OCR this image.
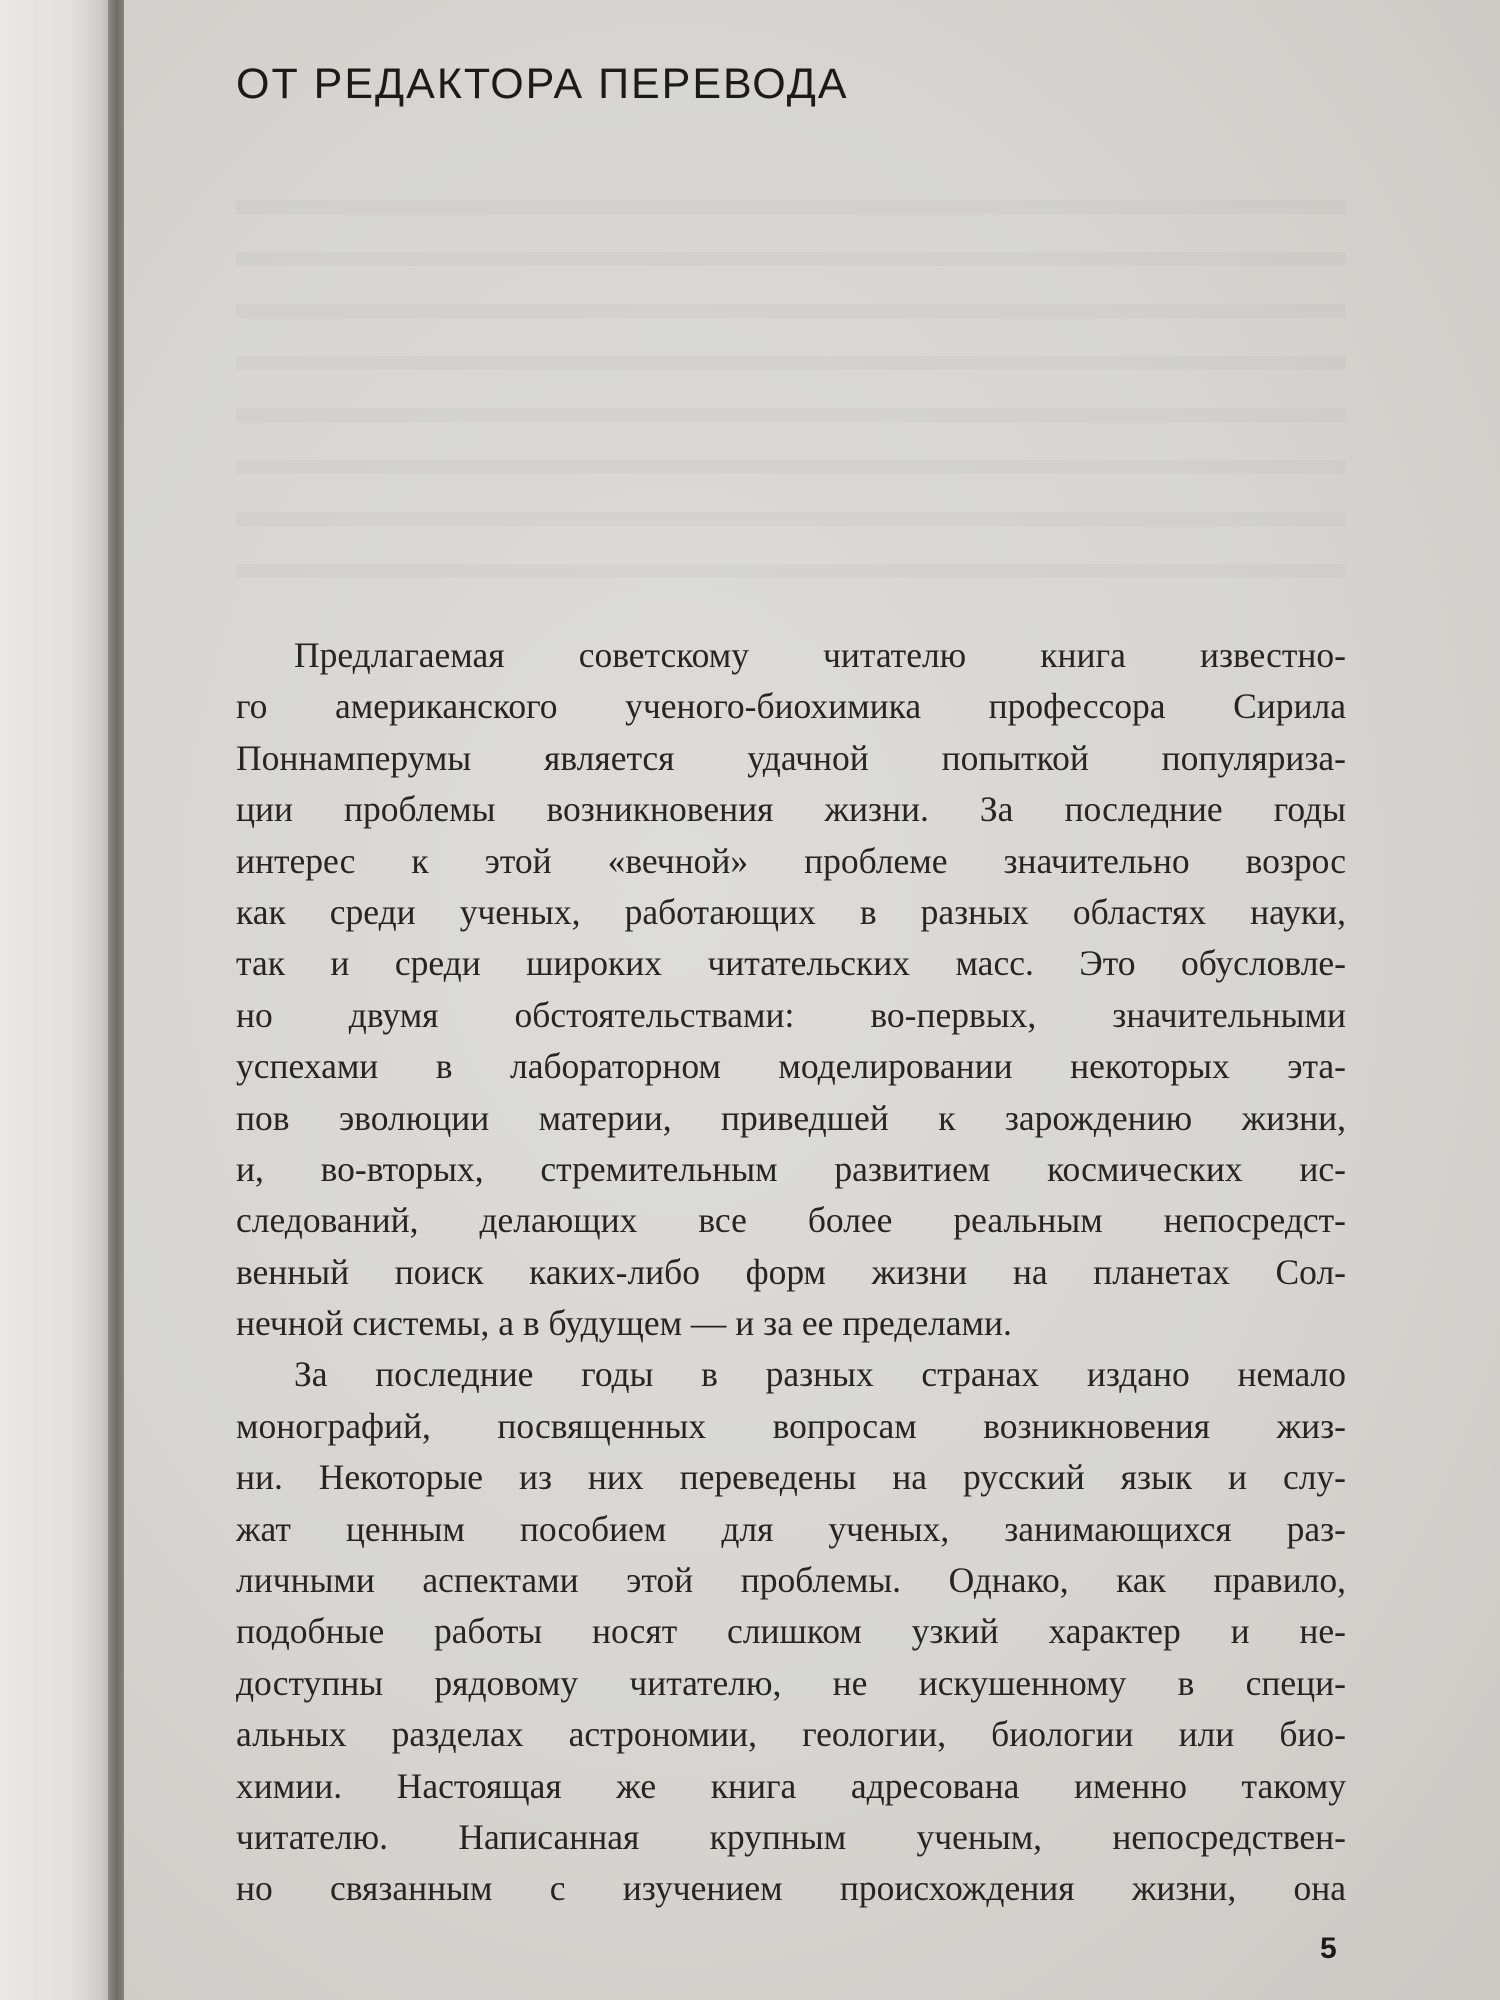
ОТ РЕДАКТОРА ПЕРЕВОДА
Предлагаемая советскому читателю книга известно-
го американского ученого-биохимика профессора Сирила
Поннамперумы является удачной попыткой популяриза-
ции проблемы возникновения жизни. За последние годы
интерес к этой «вечной» проблеме значительно возрос
как среди ученых, работающих в разных областях науки,
так и среди широких читательских масс. Это обусловле-
но двумя обстоятельствами: во-первых, значительными
успехами в лабораторном моделировании некоторых эта-
пов эволюции материи, приведшей к зарождению жизни,
и, во-вторых, стремительным развитием космических ис-
следований, делающих все более реальным непосредст-
венный поиск каких-либо форм жизни на планетах Сол-
нечной системы, а в будущем — и за ее пределами.
За последние годы в разных странах издано немало
монографий, посвященных вопросам возникновения жиз-
ни. Некоторые из них переведены на русский язык и слу-
жат ценным пособием для ученых, занимающихся раз-
личными аспектами этой проблемы. Однако, как правило,
подобные работы носят слишком узкий характер и не-
доступны рядовому читателю, не искушенному в специ-
альных разделах астрономии, геологии, биологии или био-
химии. Настоящая же книга адресована именно такому
читателю. Написанная крупным ученым, непосредствен-
но связанным с изучением происхождения жизни, она
5
